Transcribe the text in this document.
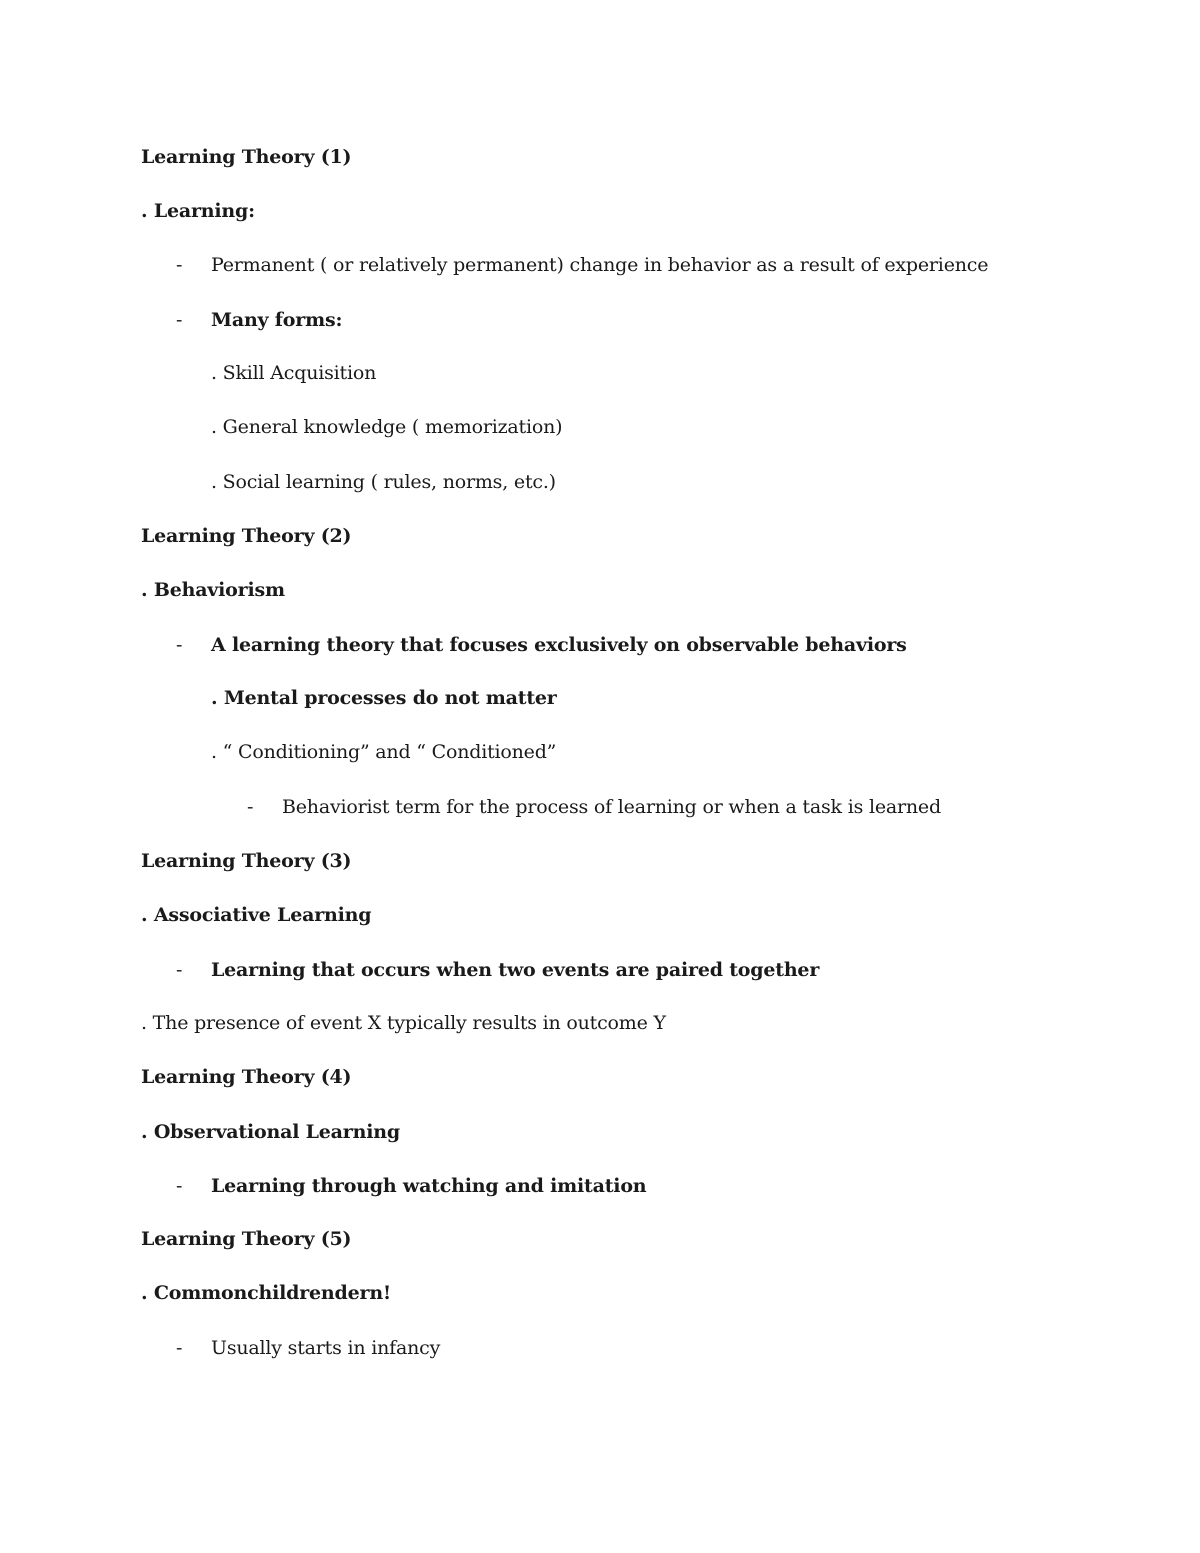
Learning Theory (1)
. Learning:
- Permanent ( or relatively permanent) change in behavior as a result of experience
- Many forms:
. Skill Acquisition
. General knowledge ( memorization)
. Social learning ( rules, norms, etc.)
Learning Theory (2)
. Behaviorism
- A learning theory that focuses exclusively on observable behaviors
. Mental processes do not matter
. “ Conditioning” and “ Conditioned”
- Behaviorist term for the process of learning or when a task is learned
Learning Theory (3)
. Associative Learning
- Learning that occurs when two events are paired together
. The presence of event X typically results in outcome Y
Learning Theory (4)
. Observational Learning
- Learning through watching and imitation
Learning Theory (5)
. Commonchildrendern!
- Usually starts in infancy
